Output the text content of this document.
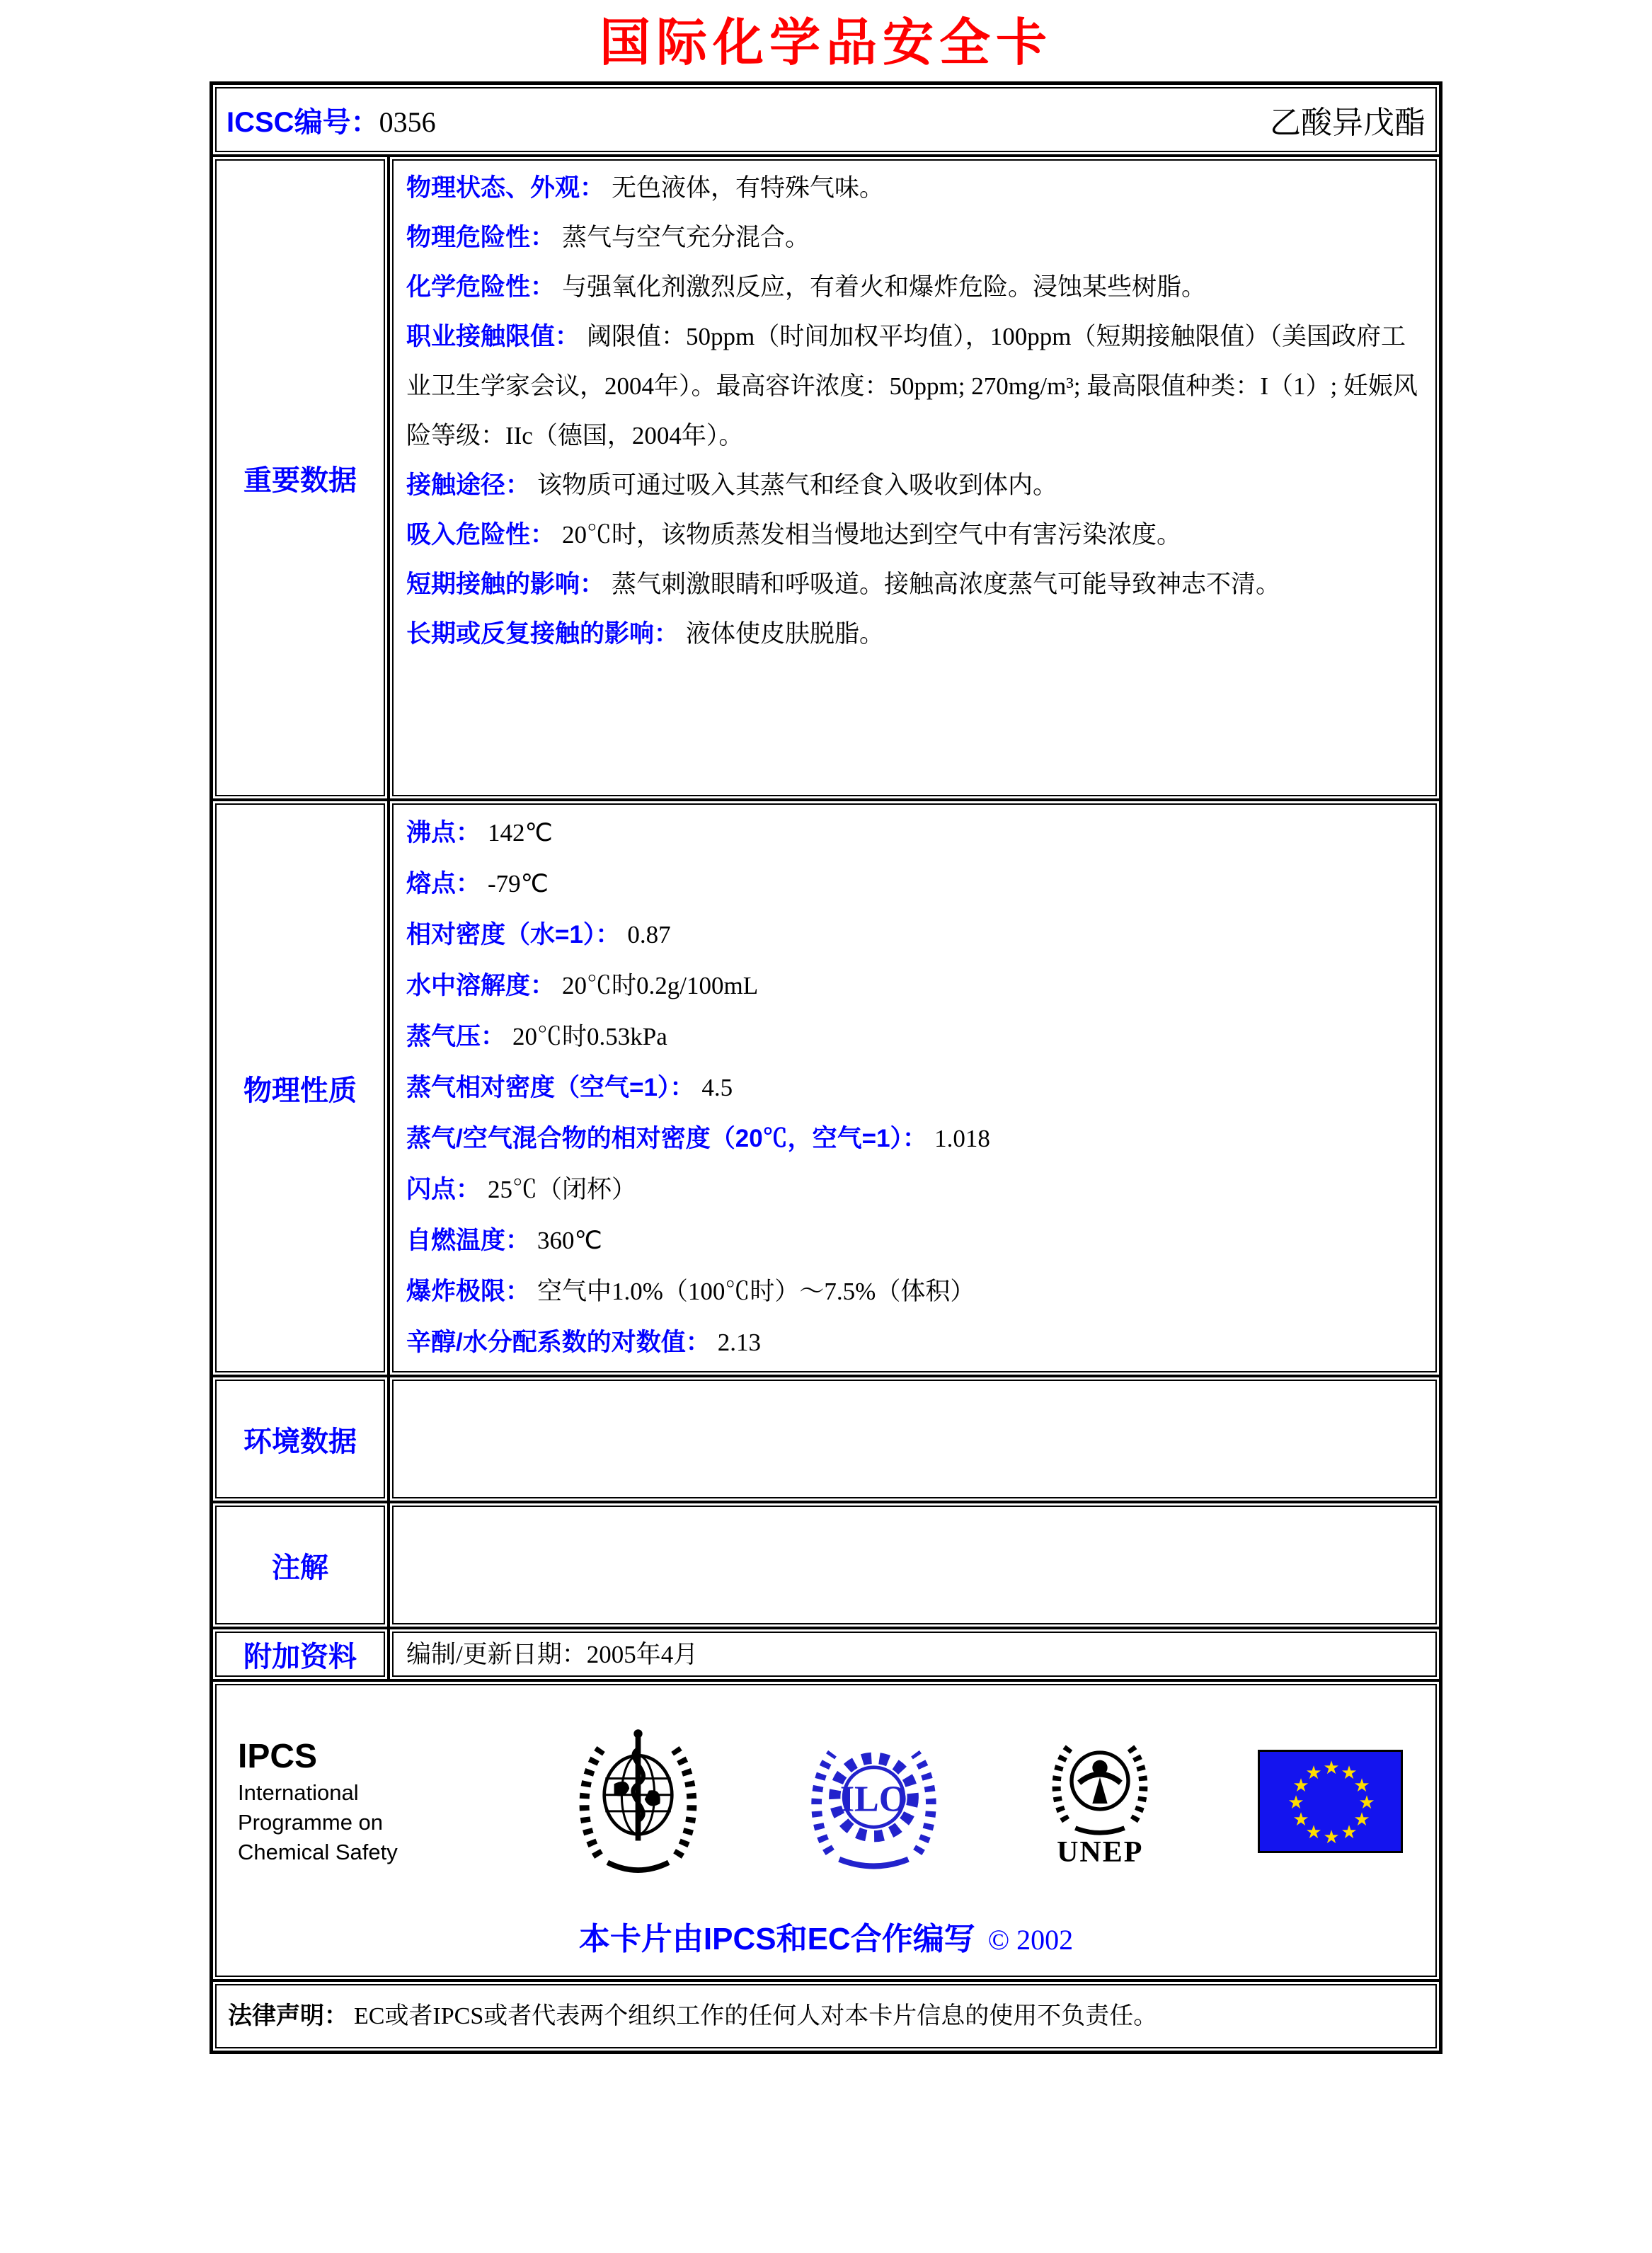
国际化学品安全卡
ICSC编号：0356	乙酸异戊酯
重要数据
物理状态、外观： 无色液体，有特殊气味。
物理危险性： 蒸气与空气充分混合。
化学危险性： 与强氧化剂激烈反应，有着火和爆炸危险。浸蚀某些树脂。
职业接触限值： 阈限值：50ppm（时间加权平均值），100ppm（短期接触限值）（美国政府工业卫生学家会议，2004年）。最高容许浓度：50ppm; 270mg/m³; 最高限值种类：I（1）; 妊娠风险等级：IIc（德国，2004年）。
接触途径： 该物质可通过吸入其蒸气和经食入吸收到体内。
吸入危险性： 20℃时，该物质蒸发相当慢地达到空气中有害污染浓度。
短期接触的影响： 蒸气刺激眼睛和呼吸道。接触高浓度蒸气可能导致神志不清。
长期或反复接触的影响： 液体使皮肤脱脂。
物理性质
沸点： 142℃
熔点： -79℃
相对密度（水=1）： 0.87
水中溶解度： 20℃时0.2g/100mL
蒸气压： 20℃时0.53kPa
蒸气相对密度（空气=1）： 4.5
蒸气/空气混合物的相对密度（20℃，空气=1）： 1.018
闪点： 25℃（闭杯）
自燃温度： 360℃
爆炸极限： 空气中1.0%（100℃时）～7.5%（体积）
辛醇/水分配系数的对数值： 2.13
环境数据
注解
附加资料	编制/更新日期：2005年4月
IPCS
International
Programme on
Chemical Safety
ILO
UNEP
★ ★
★
★
★
★
★
★
★
★
★
★
本卡片由IPCS和EC合作编写 © 2002
法律声明： EC或者IPCS或者代表两个组织工作的任何人对本卡片信息的使用不负责任。
